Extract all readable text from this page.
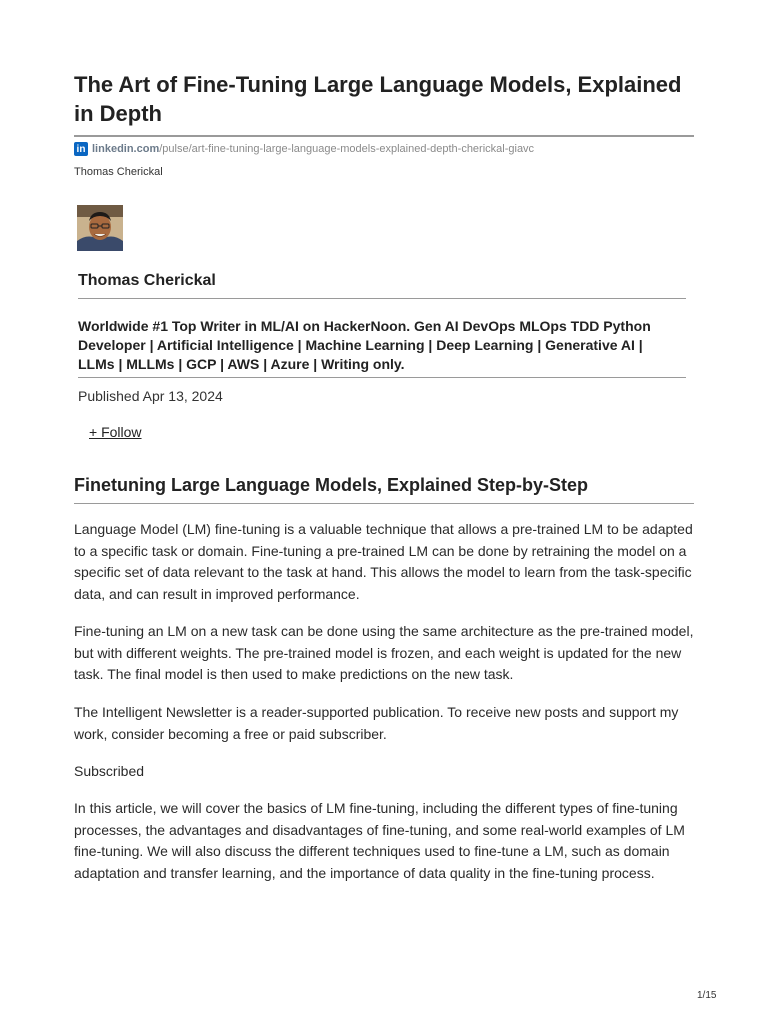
The Art of Fine-Tuning Large Language Models, Explained in Depth
in linkedin.com /pulse/art-fine-tuning-large-language-models-explained-depth-cherickal-giavc
Thomas Cherickal
Thomas Cherickal
Worldwide #1 Top Writer in ML/AI on HackerNoon. Gen AI DevOps MLOps TDD Python Developer | Artificial Intelligence | Machine Learning | Deep Learning | Generative AI | LLMs | MLLMs | GCP | AWS | Azure | Writing only.
Published Apr 13, 2024
+ Follow
Finetuning Large Language Models, Explained Step-by-Step

Language Model (LM) fine-tuning is a valuable technique that allows a pre-trained LM to be adapted to a specific task or domain. Fine-tuning a pre-trained LM can be done by retraining the model on a specific set of data relevant to the task at hand. This allows the model to learn from the task-specific data, and can result in improved performance.

Fine-tuning an LM on a new task can be done using the same architecture as the pre-trained model, but with different weights. The pre-trained model is frozen, and each weight is updated for the new task. The final model is then used to make predictions on the new task.

The Intelligent Newsletter is a reader-supported publication. To receive new posts and support my work, consider becoming a free or paid subscriber.

Subscribed

In this article, we will cover the basics of LM fine-tuning, including the different types of fine-tuning processes, the advantages and disadvantages of fine-tuning, and some real-world examples of LM fine-tuning. We will also discuss the different techniques used to fine-tune a LM, such as domain adaptation and transfer learning, and the importance of data quality in the fine-tuning process.

1/15
